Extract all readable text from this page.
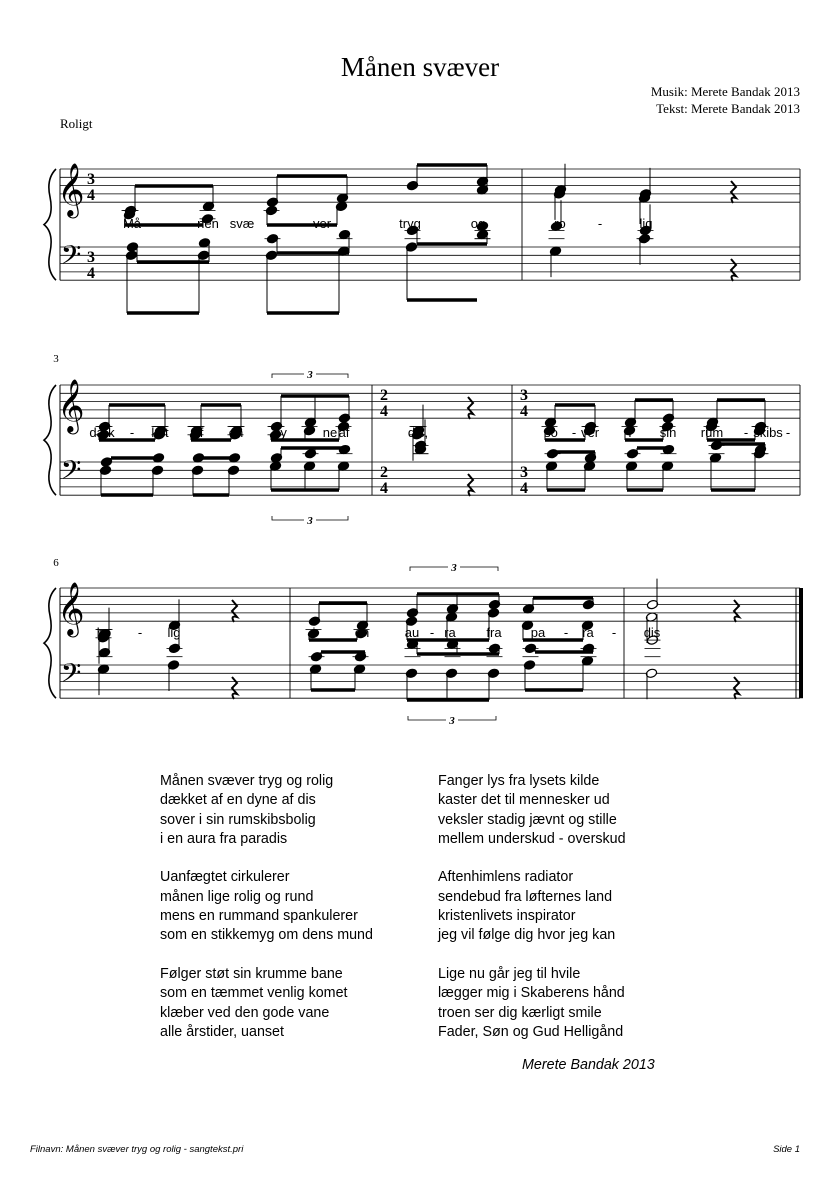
Månen svæver
Musik: Merete Bandak 2013
Tekst: Merete Bandak 2013
Roligt
𝄞
𝄢
𝄞
𝄢
𝄞
𝄢
3
6
3
4
3
4
3
2
4
2
4
3
4
3
4
3
3
3
Må - nen svæ -	ver	tryg	og	ro -	lig
dæk - ket af en dy - ne af	dis,	so - ver i sin rum - skibs -
bo - lig	i	en	au - ra fra pa - ra - dis
Månen svæver tryg og rolig
dækket af en dyne af dis
sover i sin rumskibsbolig
i en aura fra paradis
Uanfægtet cirkulerer
månen lige rolig og rund
mens en rummand spankulerer
som en stikkemyg om dens mund
Følger støt sin krumme bane
som en tæmmet venlig komet
klæber ved den gode vane
alle årstider, uanset
Fanger lys fra lysets kilde
kaster det til mennesker ud
veksler stadig jævnt og stille
mellem underskud - overskud
Aftenhimlens radiator
sendebud fra løfternes land
kristenlivets inspirator
jeg vil følge dig hvor jeg kan
Lige nu går jeg til hvile
lægger mig i Skaberens hånd
troen ser dig kærligt smile
Fader, Søn og Gud Helligånd
Merete Bandak 2013
Filnavn: Månen svæver tryg og rolig - sangtekst.pri	Side 1
